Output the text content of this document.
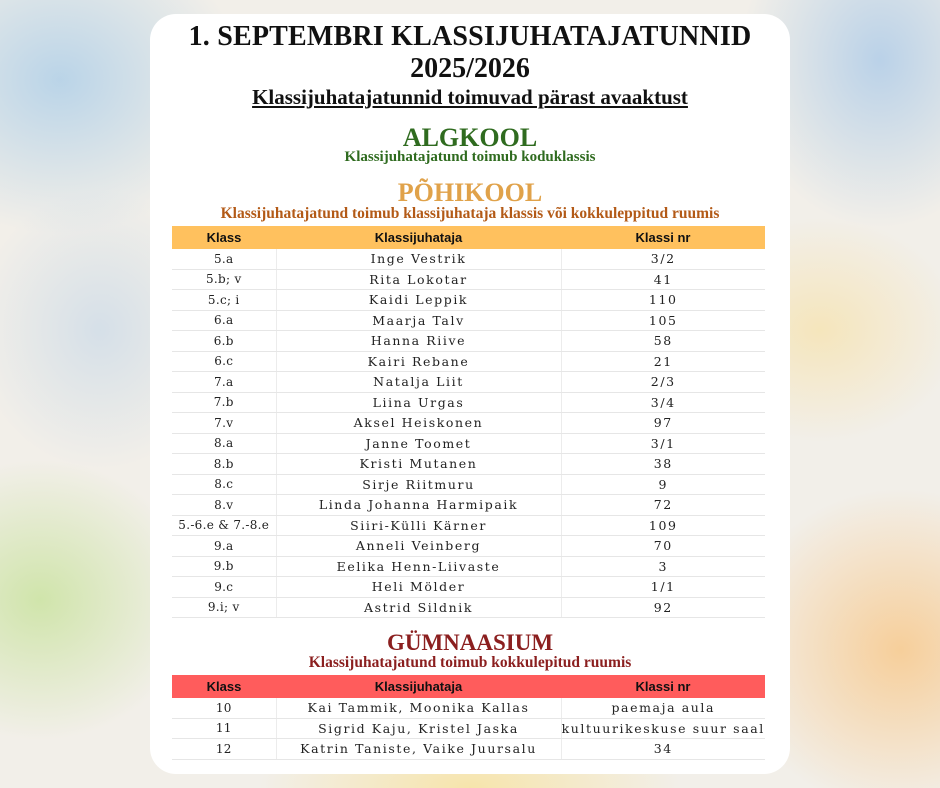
1. SEPTEMBRI KLASSIJUHATAJATUNNID
2025/2026
Klassijuhatajatunnid toimuvad pärast avaaktust
ALGKOOL
Klassijuhatajatund toimub koduklassis
PÕHIKOOL
Klassijuhatajatund toimub klassijuhataja klassis või kokkuleppitud ruumis
Klass	Klassijuhataja	Klassi nr
5.a	Inge Vestrik	3/2
5.b; v	Rita Lokotar	41
5.c; i	Kaidi Leppik	110
6.a	Maarja Talv	105
6.b	Hanna Riive	58
6.c	Kairi Rebane	21
7.a	Natalja Liit	2/3
7.b	Liina Urgas	3/4
7.v	Aksel Heiskonen	97
8.a	Janne Toomet	3/1
8.b	Kristi Mutanen	38
8.c	Sirje Riitmuru	9
8.v	Linda Johanna Harmipaik	72
5.-6.e & 7.-8.e	Siiri-Külli Kärner	109
9.a	Anneli Veinberg	70
9.b	Eelika Henn-Liivaste	3
9.c	Heli Mölder	1/1
9.i; v	Astrid Sildnik	92
GÜMNAASIUM
Klassijuhatajatund toimub kokkulepitud ruumis
Klass	Klassijuhataja	Klassi nr
10	Kai Tammik, Moonika Kallas	paemaja aula
11	Sigrid Kaju, Kristel Jaska	kultuurikeskuse suur saal
12	Katrin Taniste, Vaike Juursalu	34
